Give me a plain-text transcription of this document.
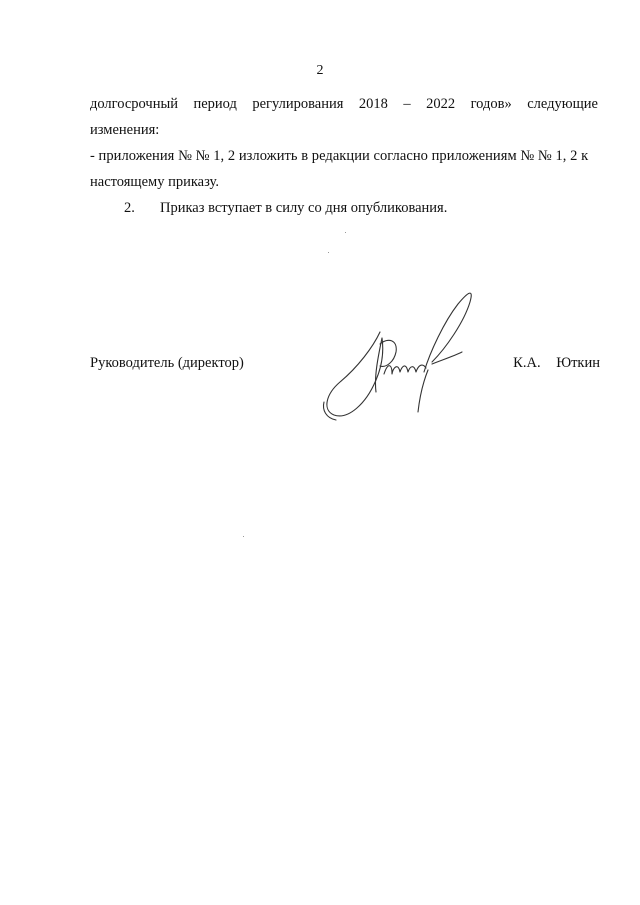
2
долгосрочный период регулирования 2018 – 2022 годов» следующие
изменения:
- приложения № № 1, 2 изложить в редакции согласно приложениям № № 1, 2 к
настоящему приказу.
2. Приказ вступает в силу со дня опубликования.
Руководитель (директор)	К.А. Юткин
